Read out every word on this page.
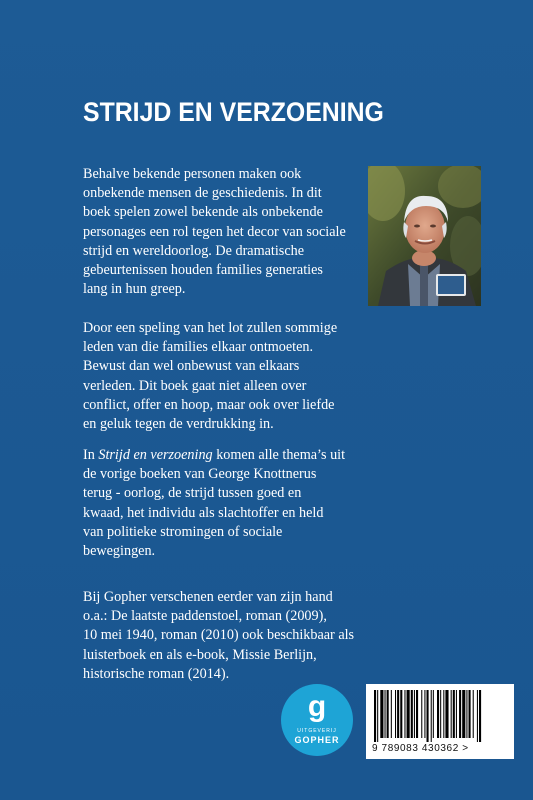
STRIJD EN VERZOENING

Behalve bekende personen maken ook
onbekende mensen de geschiedenis. In dit
boek spelen zowel bekende als onbekende
personages een rol tegen het decor van sociale
strijd en wereldoorlog. De dramatische
gebeurtenissen houden families generaties
lang in hun greep.

Door een speling van het lot zullen sommige
leden van die families elkaar ontmoeten.
Bewust dan wel onbewust van elkaars
verleden. Dit boek gaat niet alleen over
conflict, offer en hoop, maar ook over liefde
en geluk tegen de verdrukking in.

In Strijd en verzoening komen alle thema’s uit
de vorige boeken van George Knottnerus
terug - oorlog, de strijd tussen goed en
kwaad, het individu als slachtoffer en held
van politieke stromingen of sociale
bewegingen.

Bij Gopher verschenen eerder van zijn hand
o.a.: De laatste paddenstoel, roman (2009),
10 mei 1940, roman (2010) ook beschikbaar als
luisterboek en als e-book, Missie Berlijn,
historische roman (2014).

g
UITGEVERIJ
GOPHER
9 789083 430362 >
